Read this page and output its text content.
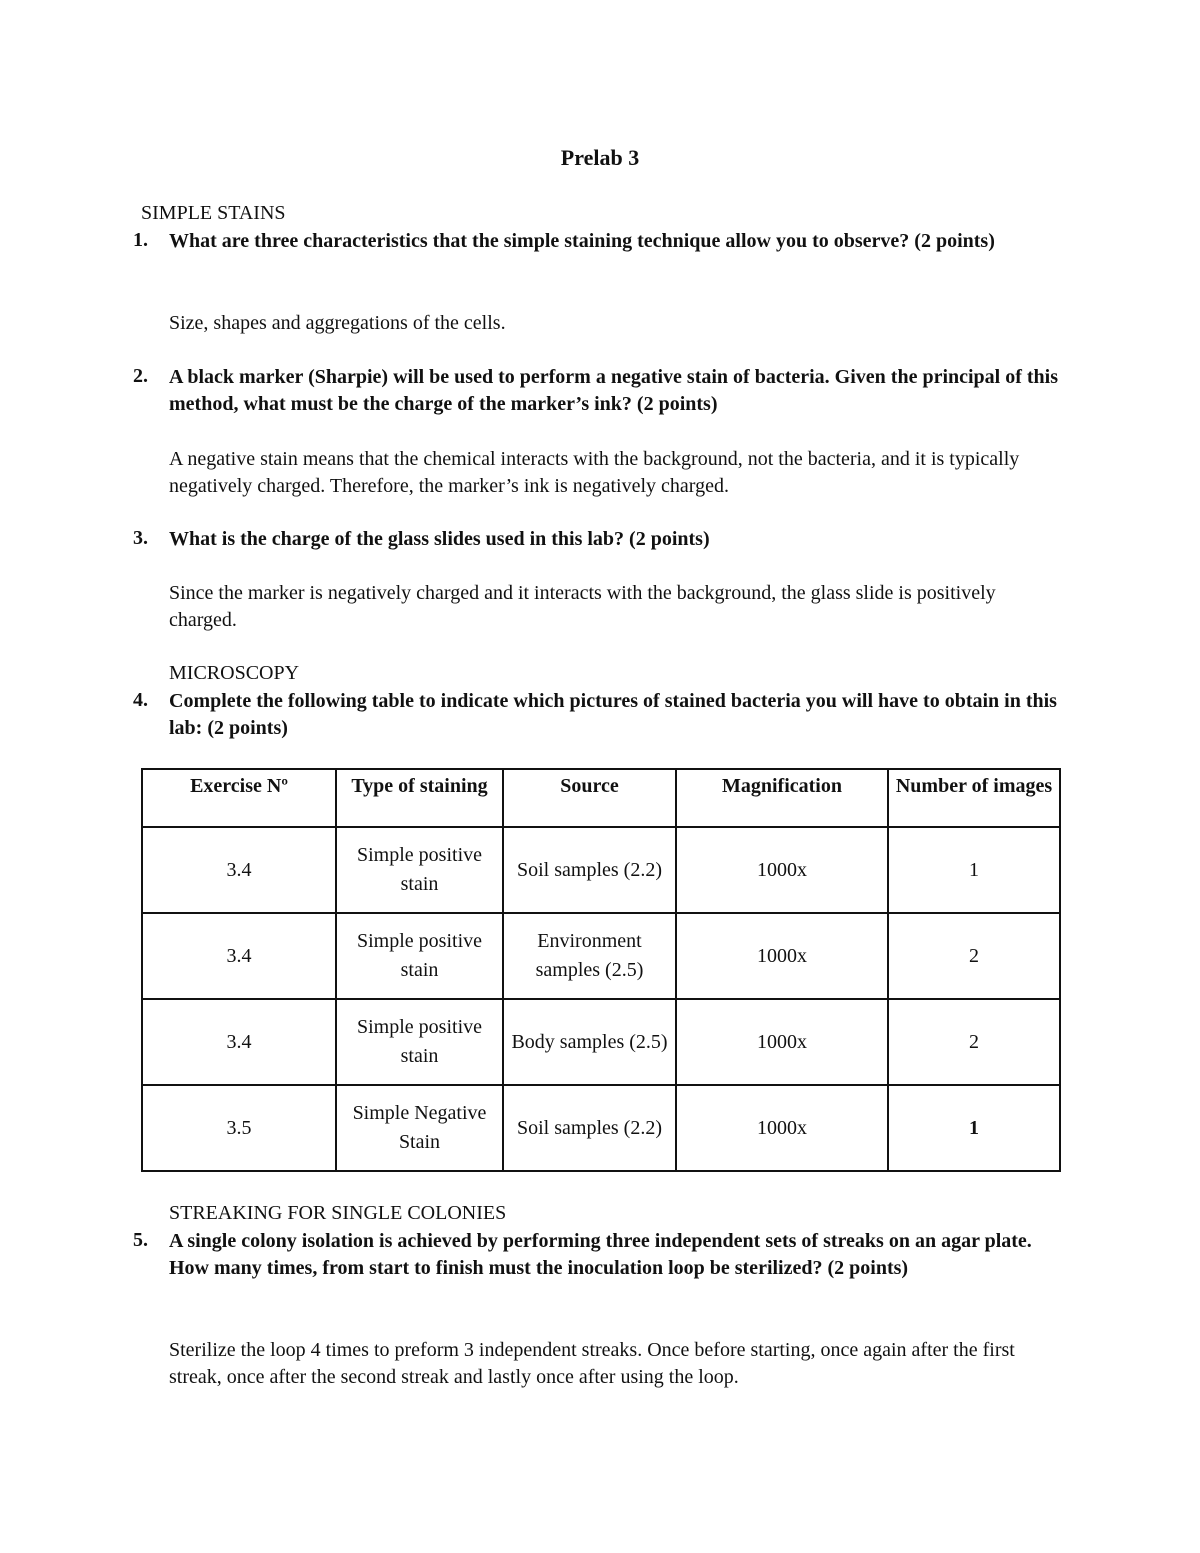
Prelab 3
SIMPLE STAINS
1. What are three characteristics that the simple staining technique allow you to observe? (2 points)
Size, shapes and aggregations of the cells.
2. A black marker (Sharpie) will be used to perform a negative stain of bacteria. Given the principal of this method, what must be the charge of the marker’s ink? (2 points)
A negative stain means that the chemical interacts with the background, not the bacteria, and it is typically negatively charged. Therefore, the marker’s ink is negatively charged.
3. What is the charge of the glass slides used in this lab? (2 points)
Since the marker is negatively charged and it interacts with the background, the glass slide is positively charged.
MICROSCOPY
4. Complete the following table to indicate which pictures of stained bacteria you will have to obtain in this lab: (2 points)
Exercise Nº	Type of staining	Source	Magnification	Number of images
3.4	Simple positive stain	Soil samples (2.2)	1000x	1
3.4	Simple positive stain	Environment samples (2.5)	1000x	2
3.4	Simple positive stain	Body samples (2.5)	1000x	2
3.5	Simple Negative Stain	Soil samples (2.2)	1000x	1
STREAKING FOR SINGLE COLONIES
5. A single colony isolation is achieved by performing three independent sets of streaks on an agar plate. How many times, from start to finish must the inoculation loop be sterilized? (2 points)
Sterilize the loop 4 times to preform 3 independent streaks. Once before starting, once again after the first streak, once after the second streak and lastly once after using the loop.
